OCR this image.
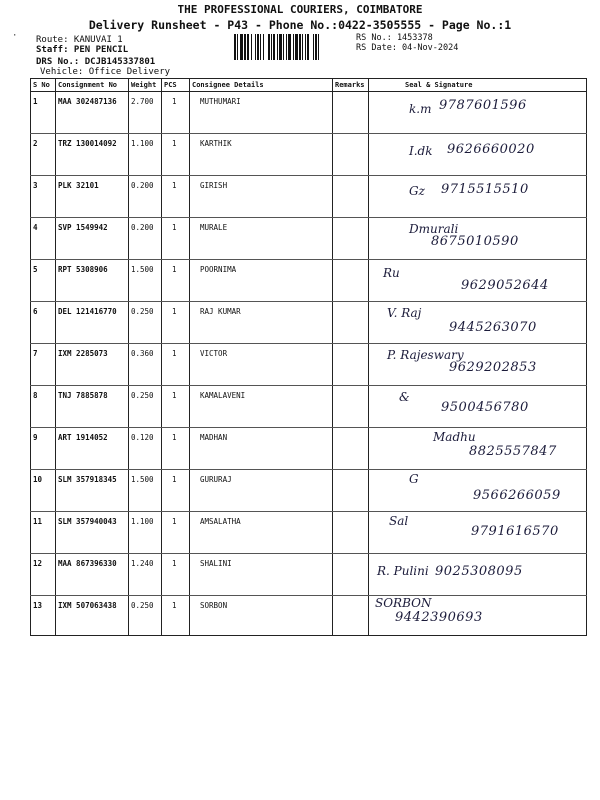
THE PROFESSIONAL COURIERS, COIMBATORE
Delivery Runsheet - P43 - Phone No.:0422-3505555 - Page No.:1
· Route: KANUVAI 1
Staff: PEN PENCIL
DRS No.: DCJB145337801
Vehicle: Office Delivery
RS No.: 1453378
RS Date: 04-Nov-2024
S No	Consignment No	Weight	PCS	Consignee Details	Remarks	Seal & Signature
1	MAA 302487136	2.700	1	MUTHUMARI		k.m 9787601596

2	TRZ 130014092	1.100	1	KARTHIK		I.dk 9626660020

3	PLK 32101	0.200	1	GIRISH		Gz 9715515510

4	SVP 1549942	0.200	1	MURALE		Dmurali
8675010590

5	RPT 5308906	1.500	1	POORNIMA		Ru
9629052644

6	DEL 121416770	0.250	1	RAJ KUMAR		V. Raj
9445263070

7	IXM 2285073	0.360	1	VICTOR		P. Rajeswary
9629202853

8	TNJ 7885878	0.250	1	KAMALAVENI		&
9500456780

9	ART 1914052	0.120	1	MADHAN		Madhu
8825557847

10	SLM 357918345	1.500	1	GURURAJ		G
9566266059

11	SLM 357940043	1.100	1	AMSALATHA		Sal
9791616570

12	MAA 867396330	1.240	1	SHALINI		R. Pulini 9025308095

13	IXM 507063438	0.250	1	SORBON		SORBON
9442390693
